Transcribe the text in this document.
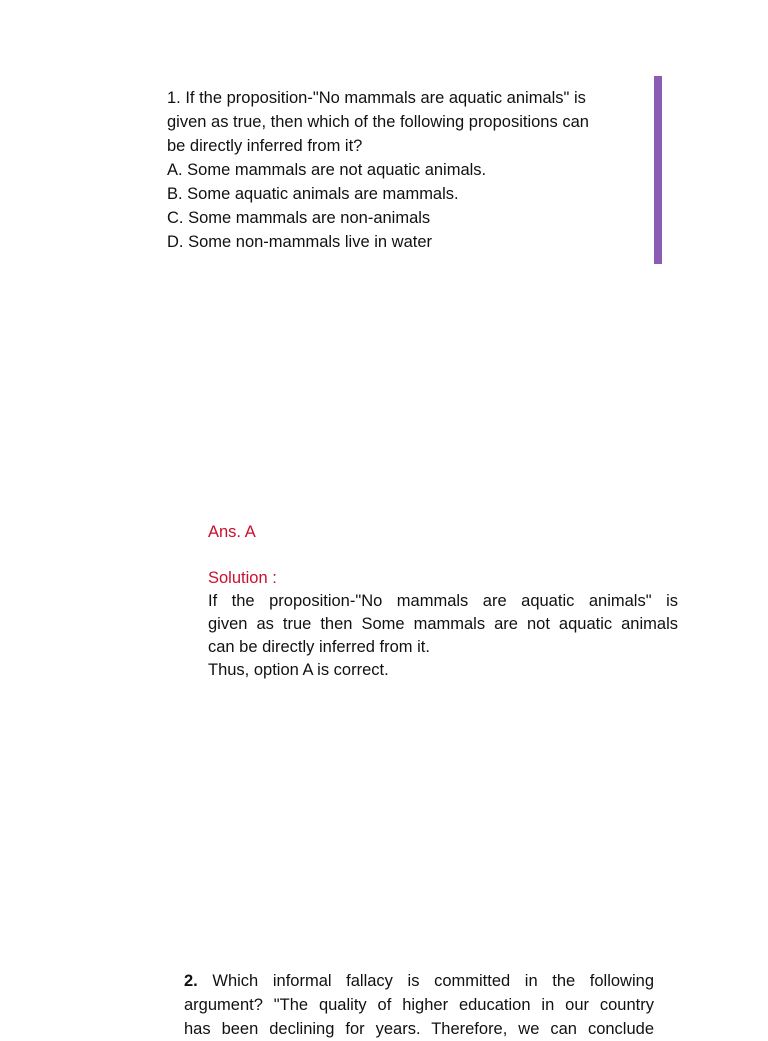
1. If the proposition-"No mammals are aquatic animals" is
given as true, then which of the following propositions can
be directly inferred from it?
A. Some mammals are not aquatic animals.
B. Some aquatic animals are mammals.
C. Some mammals are non-animals
D. Some non-mammals live in water
Ans. A
Solution :
If the proposition-"No mammals are aquatic animals" is
given as true then Some mammals are not aquatic animals
can be directly inferred from it.
Thus, option A is correct.
2. Which informal fallacy is committed in the following
argument? "The quality of higher education in our country
has been declining for years. Therefore, we can conclude
